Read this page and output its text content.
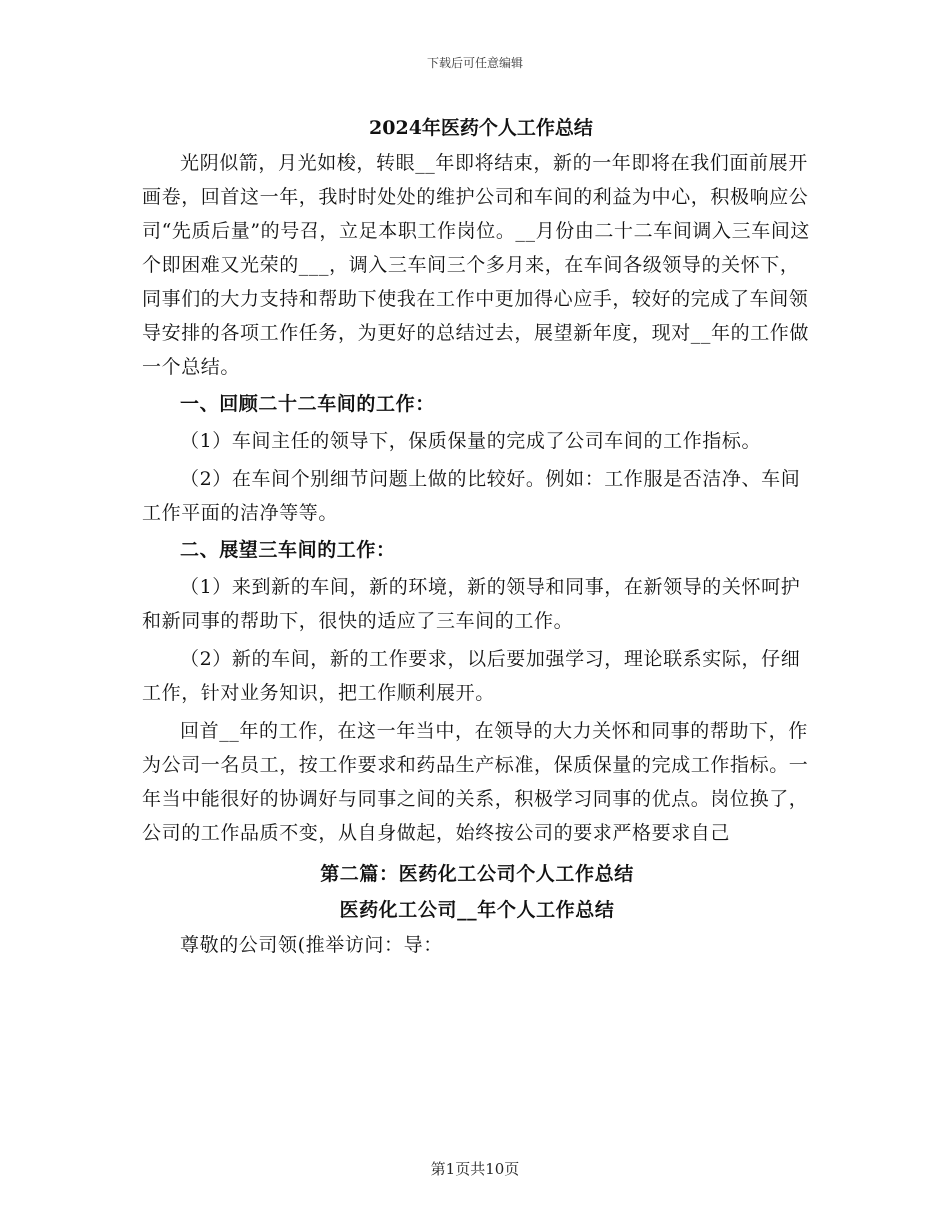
下载后可任意编辑
2024年医药个人工作总结

光阴似箭，月光如梭，转眼__年即将结束，新的一年即将在我们面前展开画卷，回首这一年，我时时处处的维护公司和车间的利益为中心，积极响应公司“先质后量”的号召，立足本职工作岗位。__月份由二十二车间调入三车间这个即困难又光荣的___，调入三车间三个多月来，在车间各级领导的关怀下，同事们的大力支持和帮助下使我在工作中更加得心应手，较好的完成了车间领导安排的各项工作任务，为更好的总结过去，展望新年度，现对__年的工作做一个总结。

一、回顾二十二车间的工作：

（1）车间主任的领导下，保质保量的完成了公司车间的工作指标。

（2）在车间个别细节问题上做的比较好。例如：工作服是否洁净、车间工作平面的洁净等等。

二、展望三车间的工作：

（1）来到新的车间，新的环境，新的领导和同事，在新领导的关怀呵护和新同事的帮助下，很快的适应了三车间的工作。

（2）新的车间，新的工作要求，以后要加强学习，理论联系实际，仔细工作，针对业务知识，把工作顺利展开。

回首__年的工作，在这一年当中，在领导的大力关怀和同事的帮助下，作为公司一名员工，按工作要求和药品生产标准，保质保量的完成工作指标。一年当中能很好的协调好与同事之间的关系，积极学习同事的优点。岗位换了，公司的工作品质不变，从自身做起，始终按公司的要求严格要求自己

第二篇：医药化工公司个人工作总结

医药化工公司__年个人工作总结

尊敬的公司领(推举访问：导：

第1页共10页
